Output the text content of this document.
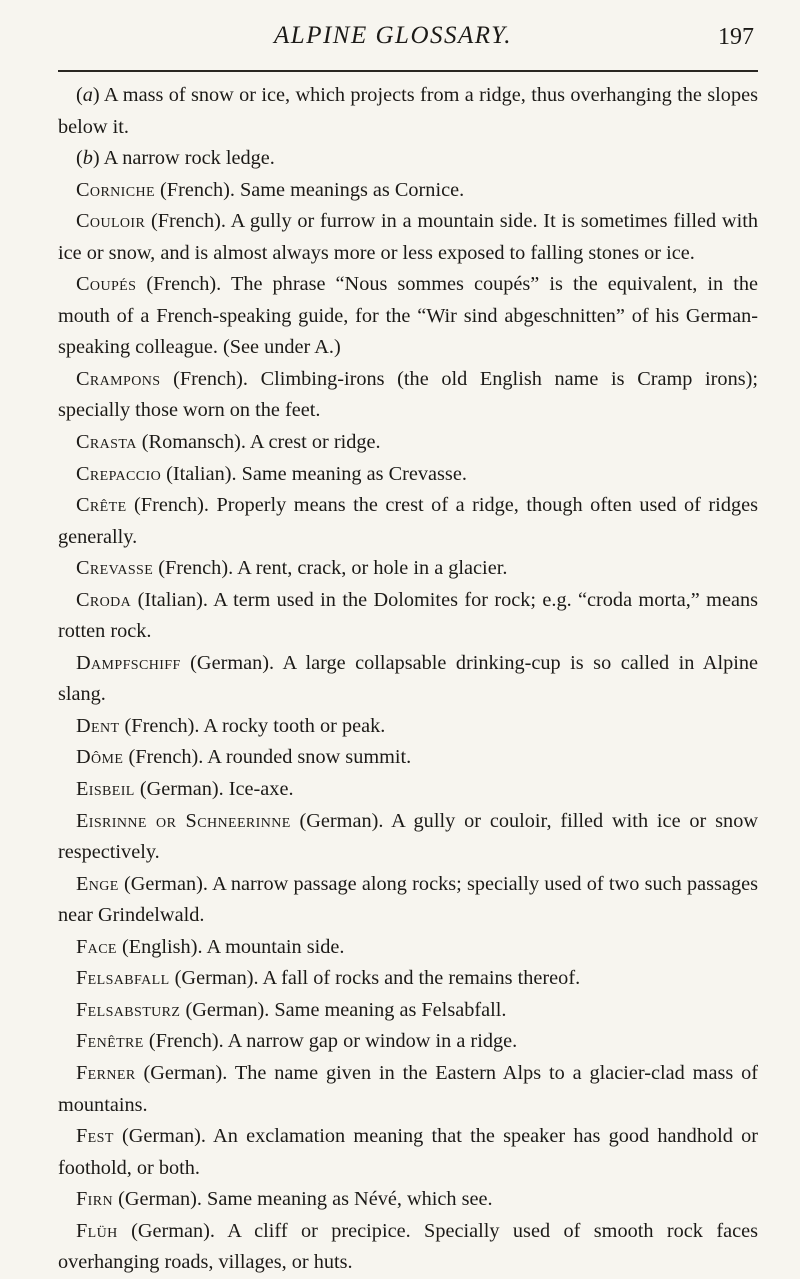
ALPINE GLOSSARY.	197

(a) A mass of snow or ice, which projects from a ridge, thus overhanging the slopes below it.

(b) A narrow rock ledge.

Corniche (French). Same meanings as Cornice.

Couloir (French). A gully or furrow in a mountain side. It is sometimes filled with ice or snow, and is almost always more or less exposed to falling stones or ice.

Coupés (French). The phrase “Nous sommes coupés” is the equivalent, in the mouth of a French-speaking guide, for the “Wir sind abgeschnitten” of his German-speaking colleague. (See under A.)

Crampons (French). Climbing-irons (the old English name is Cramp irons); specially those worn on the feet.

Crasta (Romansch). A crest or ridge.

Crepaccio (Italian). Same meaning as Crevasse.

Crête (French). Properly means the crest of a ridge, though often used of ridges generally.

Crevasse (French). A rent, crack, or hole in a glacier.

Croda (Italian). A term used in the Dolomites for rock; e.g. “croda morta,” means rotten rock.

Dampfschiff (German). A large collapsable drinking-cup is so called in Alpine slang.

Dent (French). A rocky tooth or peak.

Dôme (French). A rounded snow summit.

Eisbeil (German). Ice-axe.

Eisrinne or Schneerinne (German). A gully or couloir, filled with ice or snow respectively.

Enge (German). A narrow passage along rocks; specially used of two such passages near Grindelwald.

Face (English). A mountain side.

Felsabfall (German). A fall of rocks and the remains thereof.

Felsabsturz (German). Same meaning as Felsabfall.

Fenêtre (French). A narrow gap or window in a ridge.

Ferner (German). The name given in the Eastern Alps to a glacier-clad mass of mountains.

Fest (German). An exclamation meaning that the speaker has good handhold or foothold, or both.

Firn (German). Same meaning as Névé, which see.

Flüh (German). A cliff or precipice. Specially used of smooth rock faces overhanging roads, villages, or huts.
